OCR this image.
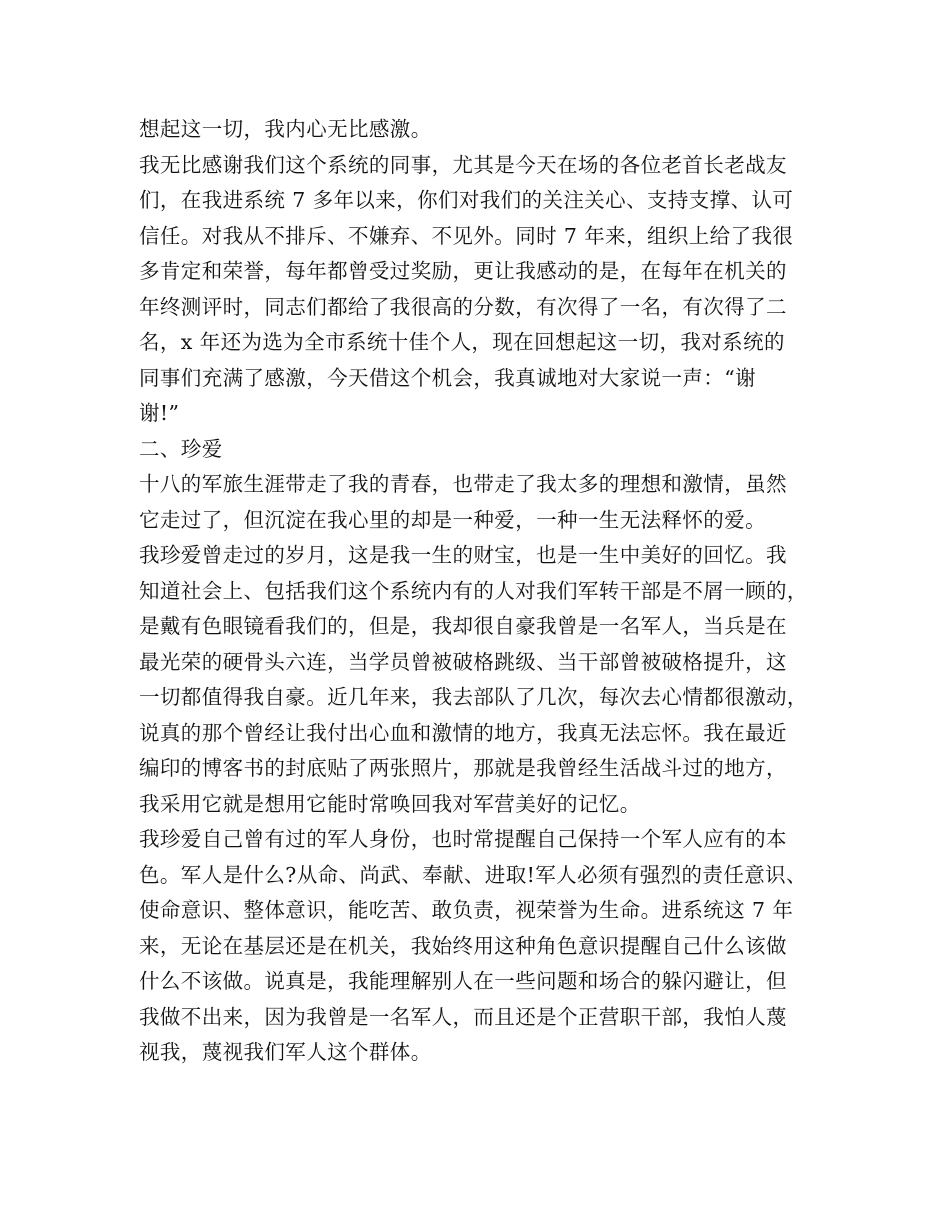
想起这一切，我内心无比感激。
我无比感谢我们这个系统的同事，尤其是今天在场的各位老首长老战友
们，在我进系统 7 多年以来，你们对我们的关注关心、支持支撑、认可
信任。对我从不排斥、不嫌弃、不见外。同时 7 年来，组织上给了我很
多肯定和荣誉，每年都曾受过奖励，更让我感动的是，在每年在机关的
年终测评时，同志们都给了我很高的分数，有次得了一名，有次得了二
名，x 年还为选为全市系统十佳个人，现在回想起这一切，我对系统的
同事们充满了感激，今天借这个机会，我真诚地对大家说一声：“谢
谢!”
二、珍爱
十八的军旅生涯带走了我的青春，也带走了我太多的理想和激情，虽然
它走过了，但沉淀在我心里的却是一种爱，一种一生无法释怀的爱。
我珍爱曾走过的岁月，这是我一生的财宝，也是一生中美好的回忆。我
知道社会上、包括我们这个系统内有的人对我们军转干部是不屑一顾的，
是戴有色眼镜看我们的，但是，我却很自豪我曾是一名军人，当兵是在
最光荣的硬骨头六连，当学员曾被破格跳级、当干部曾被破格提升，这
一切都值得我自豪。近几年来，我去部队了几次，每次去心情都很激动，
说真的那个曾经让我付出心血和激情的地方，我真无法忘怀。我在最近
编印的博客书的封底贴了两张照片，那就是我曾经生活战斗过的地方，
我采用它就是想用它能时常唤回我对军营美好的记忆。
我珍爱自己曾有过的军人身份，也时常提醒自己保持一个军人应有的本
色。军人是什么?从命、尚武、奉献、进取!军人必须有强烈的责任意识、
使命意识、整体意识，能吃苦、敢负责，视荣誉为生命。进系统这 7 年
来，无论在基层还是在机关，我始终用这种角色意识提醒自己什么该做
什么不该做。说真是，我能理解别人在一些问题和场合的躲闪避让，但
我做不出来，因为我曾是一名军人，而且还是个正营职干部，我怕人蔑
视我，蔑视我们军人这个群体。
